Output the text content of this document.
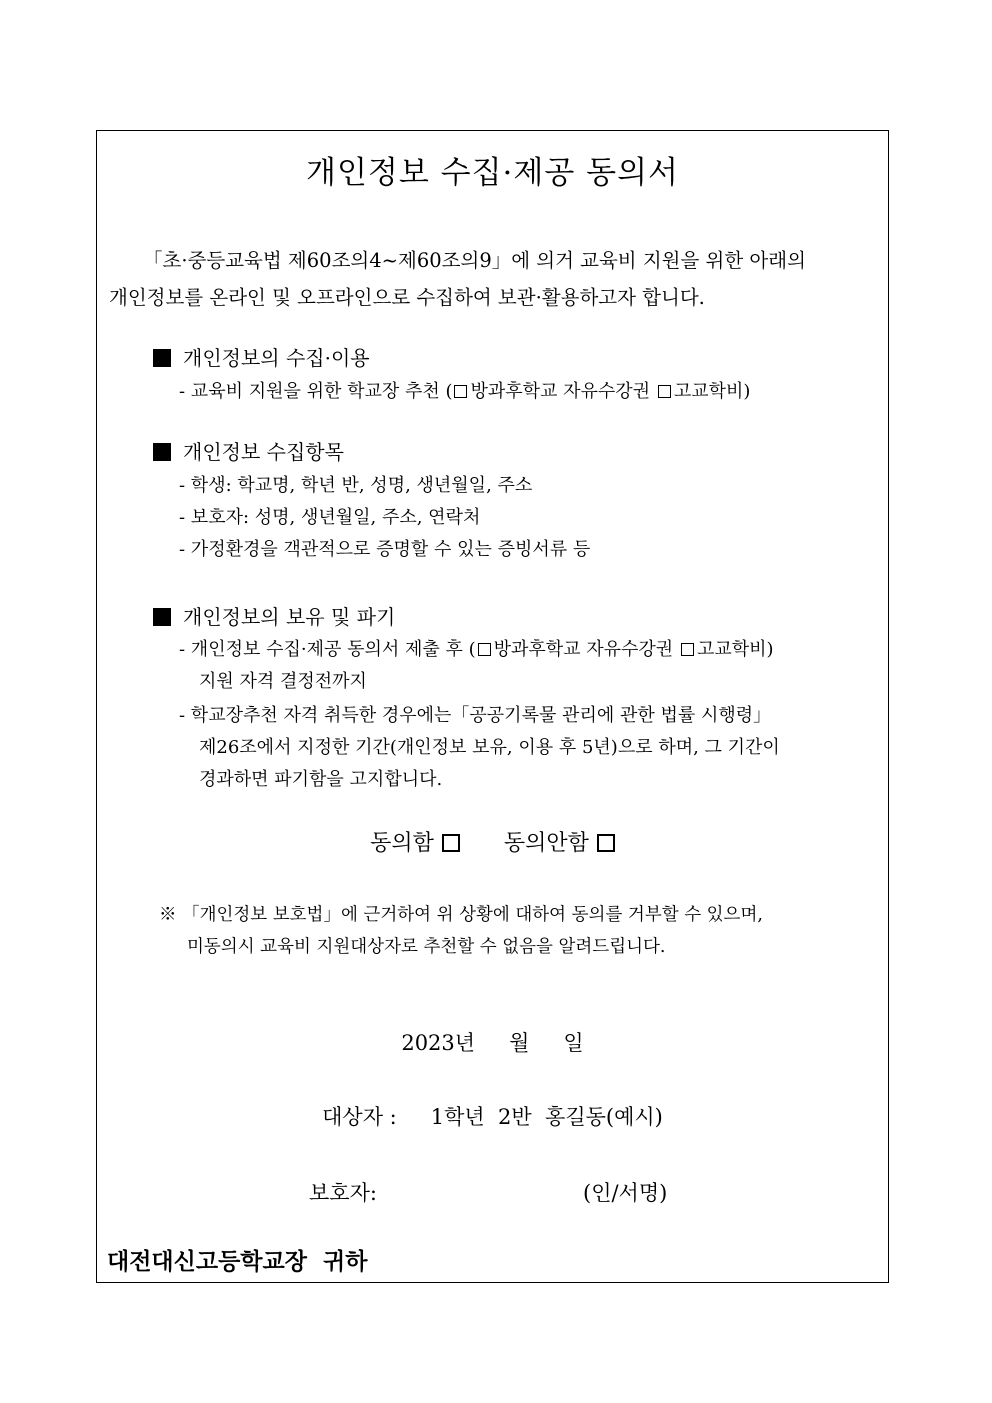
개인정보 수집·제공 동의서
「초·중등교육법 제60조의4~제60조의9」에 의거 교육비 지원을 위한 아래의
개인정보를 온라인 및 오프라인으로 수집하여 보관·활용하고자 합니다.
개인정보의 수집·이용
- 교육비 지원을 위한 학교장 추천 ( 방과후학교 자유수강권 고교학비)
개인정보 수집항목
- 학생: 학교명, 학년 반, 성명, 생년월일, 주소
- 보호자: 성명, 생년월일, 주소, 연락처
- 가정환경을 객관적으로 증명할 수 있는 증빙서류 등
개인정보의 보유 및 파기
- 개인정보 수집·제공 동의서 제출 후 ( 방과후학교 자유수강권 고교학비)
지원 자격 결정전까지
- 학교장추천 자격 취득한 경우에는「공공기록물 관리에 관한 법률 시행령」
제26조에서 지정한 기간(개인정보 보유, 이용 후 5년)으로 하며, 그 기간이
경과하면 파기함을 고지합니다.
동의함	동의안함
※ 「개인정보 보호법」에 근거하여 위 상황에 대하여 동의를 거부할 수 있으며,
미동의시 교육비 지원대상자로 추천할 수 없음을 알려드립니다.
2023년 월 일
대상자 : 1학년  2반  홍길동(예시)
보호자:	(인/서명)
대전대신고등학교장  귀하
